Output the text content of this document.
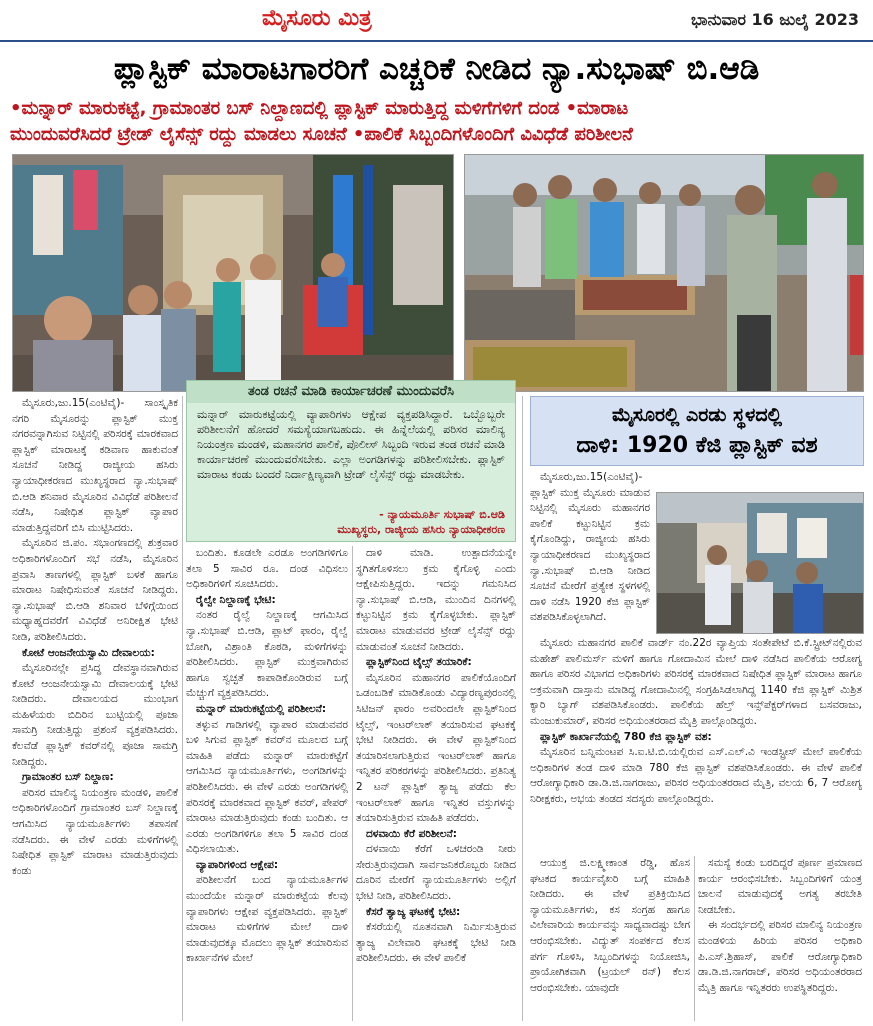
ಮೈಸೂರು ಮಿತ್ರ	ಭಾನುವಾರ 16 ಜುಲೈ 2023
ಪ್ಲಾಸ್ಟಿಕ್ ಮಾರಾಟಗಾರರಿಗೆ ಎಚ್ಚರಿಕೆ ನೀಡಿದ ನ್ಯಾ.ಸುಭಾಷ್ ಬಿ.ಆಡಿ
•ಮನ್ನಾರ್ ಮಾರುಕಟ್ಟೆ, ಗ್ರಾಮಾಂತರ ಬಸ್ ನಿಲ್ದಾಣದಲ್ಲಿ ಪ್ಲಾಸ್ಟಿಕ್ ಮಾರುತ್ತಿದ್ದ ಮಳಿಗೆಗಳಿಗೆ ದಂಡ •ಮಾರಾಟ
ಮುಂದುವರೆಸಿದರೆ ಟ್ರೇಡ್ ಲೈಸೆನ್ಸ್ ರದ್ದು ಮಾಡಲು ಸೂಚನೆ •ಪಾಲಿಕೆ ಸಿಬ್ಬಂದಿಗಳೊಂದಿಗೆ ವಿವಿಧೆಡೆ ಪರಿಶೀಲನೆ

ಮೈಸೂರು,ಜು.15(ಎಂಟಿವೈ)- ಸಾಂಸ್ಕೃತಿಕ ನಗರಿ ಮೈಸೂರನ್ನು ಪ್ಲಾಸ್ಟಿಕ್ ಮುಕ್ತ ನಗರವನ್ನಾಗಿಸುವ ನಿಟ್ಟಿನಲ್ಲಿ ಪರಿಸರಕ್ಕೆ ಮಾರಕವಾದ ಪ್ಲಾಸ್ಟಿಕ್ ಮಾರಾಟಕ್ಕೆ ಕಡಿವಾಣ ಹಾಕುವಂತೆ ಸೂಚನೆ ನೀಡಿದ್ದ ರಾಜ್ಯೀಯ ಹಸಿರು ನ್ಯಾಯಾಧೀಕರಣದ ಮುಖ್ಯಸ್ಥರಾದ ನ್ಯಾ.ಸುಭಾಷ್ ಬಿ.ಆಡಿ ಶನಿವಾರ ಮೈಸೂರಿನ ವಿವಿಧೆಡೆ ಪರಿಶೀಲನೆ ನಡೆಸಿ, ನಿಷೇಧಿತ ಪ್ಲಾಸ್ಟಿಕ್ ವ್ಯಾಪಾರ ಮಾಡುತ್ತಿದ್ದವರಿಗೆ ಬಿಸಿ ಮುಟ್ಟಿಸಿದರು.

ಮೈಸೂರಿನ ಜಿ.ಪಂ. ಸಭಾಂಗಣದಲ್ಲಿ ಶುಕ್ರವಾರ ಅಧಿಕಾರಿಗಳೊಂದಿಗೆ ಸಭೆ ನಡೆಸಿ, ಮೈಸೂರಿನ ಪ್ರವಾಸಿ ತಾಣಗಳಲ್ಲಿ ಪ್ಲಾಸ್ಟಿಕ್ ಬಳಕೆ ಹಾಗೂ ಮಾರಾಟ ನಿಷೇಧಿಸುವಂತೆ ಸೂಚನೆ ನೀಡಿದ್ದರು. ನ್ಯಾ.ಸುಭಾಷ್ ಬಿ.ಆಡಿ ಶನಿವಾರ ಬೆಳಿಗ್ಗೆಯಿಂದ ಮಧ್ಯಾಹ್ನದವರೆಗೆ ವಿವಿಧೆಡೆ ಅನಿರೀಕ್ಷಿತ ಭೇಟಿ ನೀಡಿ, ಪರಿಶೀಲಿಸಿದರು.

ಕೋಟೆ ಆಂಜನೇಯಸ್ವಾಮಿ ದೇವಾಲಯ:

ಮೈಸೂರಿನಲ್ಲೇ ಪ್ರಸಿದ್ಧ ದೇವಸ್ಥಾನವಾಗಿರುವ ಕೋಟೆ ಆಂಜನೇಯಸ್ವಾಮಿ ದೇವಾಲಯಕ್ಕೆ ಭೇಟಿ ನೀಡಿದರು. ದೇವಾಲಯದ ಮುಂಭಾಗ ಮಹಿಳೆಯರು ಬಿದಿರಿನ ಬುಟ್ಟಿಯಲ್ಲಿ ಪೂಜಾ ಸಾಮಗ್ರಿ ನೀಡುತ್ತಿದ್ದು ಪ್ರಶಂಸೆ ವ್ಯಕ್ತಪಡಿಸಿದರು. ಕೆಲವೆಡೆ ಪ್ಲಾಸ್ಟಿಕ್ ಕವರ್‌ನಲ್ಲಿ ಪೂಜಾ ಸಾಮಗ್ರಿ ನೀಡಿದ್ದರು.

ಗ್ರಾಮಾಂತರ ಬಸ್ ನಿಲ್ದಾಣ:

ಪರಿಸರ ಮಾಲಿನ್ಯ ನಿಯಂತ್ರಣ ಮಂಡಳಿ, ಪಾಲಿಕೆ ಅಧಿಕಾರಿಗಳೊಂದಿಗೆ ಗ್ರಾಮಾಂತರ ಬಸ್ ನಿಲ್ದಾಣಕ್ಕೆ ಆಗಮಿಸಿದ ನ್ಯಾಯಮೂರ್ತಿಗಳು ತಪಾಸಣೆ ನಡೆಸಿದರು. ಈ ವೇಳೆ ಎರಡು ಮಳಿಗೆಗಳಲ್ಲಿ ನಿಷೇಧಿತ ಪ್ಲಾಸ್ಟಿಕ್ ಮಾರಾಟ ಮಾಡುತ್ತಿರುವುದು ಕಂಡು

ತಂಡ ರಚನೆ ಮಾಡಿ ಕಾರ್ಯಾಚರಣೆ ಮುಂದುವರೆಸಿ
ಮನ್ನಾರ್ ಮಾರುಕಟ್ಟೆಯಲ್ಲಿ ವ್ಯಾಪಾರಿಗಳು ಆಕ್ಷೇಪ ವ್ಯಕ್ತಪಡಿಸಿದ್ದಾರೆ. ಒಬ್ಬೊಬ್ಬರೇ ಪರಿಶೀಲನೆಗೆ ಹೋದರೆ ಸಮಸ್ಯೆಯಾಗಬಹುದು. ಈ ಹಿನ್ನೆಲೆಯಲ್ಲಿ ಪರಿಸರ ಮಾಲಿನ್ಯ ನಿಯಂತ್ರಣ ಮಂಡಳಿ, ಮಹಾನಗರ ಪಾಲಿಕೆ, ಪೊಲೀಸ್ ಸಿಬ್ಬಂದಿ ಇರುವ ತಂಡ ರಚನೆ ಮಾಡಿ ಕಾರ್ಯಾಚರಣೆ ಮುಂದುವರೆಸಬೇಕು. ಎಲ್ಲಾ ಅಂಗಡಿಗಳನ್ನು ಪರಿಶೀಲಿಸಬೇಕು. ಪ್ಲಾಸ್ಟಿಕ್ ಮಾರಾಟ ಕಂಡು ಬಂದರೆ ನಿರ್ದಾಕ್ಷಿಣ್ಯವಾಗಿ ಟ್ರೇಡ್ ಲೈಸೆನ್ಸ್ ರದ್ದು ಮಾಡಬೇಕು.
- ನ್ಯಾಯಮೂರ್ತಿ ಸುಭಾಷ್ ಬಿ.ಆಡಿ
ಮುಖ್ಯಸ್ಥರು, ರಾಜ್ಯೀಯ ಹಸಿರು ನ್ಯಾಯಾಧೀಕರಣ

ಬಂದಿತು. ಕೂಡಲೇ ಎರಡೂ ಅಂಗಡಿಗಳಿಗೂ ತಲಾ 5 ಸಾವಿರ ರೂ. ದಂಡ ವಿಧಿಸಲು ಅಧಿಕಾರಿಗಳಿಗೆ ಸೂಚಿಸಿದರು.

ರೈಲ್ವೇ ನಿಲ್ದಾಣಕ್ಕೆ ಭೇಟಿ:

ನಂತರ ರೈಲ್ವೆ ನಿಲ್ದಾಣಕ್ಕೆ ಆಗಮಿಸಿದ ನ್ಯಾ.ಸುಭಾಷ್ ಬಿ.ಆಡಿ, ಪ್ಲಾಟ್ ಫಾರಂ, ರೈಲ್ವೆ ಬೋಗಿ, ವಿಶ್ರಾಂತಿ ಕೊಠಡಿ, ಮಳಿಗೆಗಳನ್ನು ಪರಿಶೀಲಿಸಿದರು. ಪ್ಲಾಸ್ಟಿಕ್ ಮುಕ್ತವಾಗಿರುವ ಹಾಗೂ ಸ್ವಚ್ಛತೆ ಕಾಪಾಡಿಕೊಂಡಿರುವ ಬಗ್ಗೆ ಮೆಚ್ಚುಗೆ ವ್ಯಕ್ತಪಡಿಸಿದರು.

ಮನ್ನಾರ್ ಮಾರುಕಟ್ಟೆಯಲ್ಲಿ ಪರಿಶೀಲನೆ:

ತಳ್ಳುವ ಗಾಡಿಗಳಲ್ಲಿ ವ್ಯಾಪಾರ ಮಾಡುವವರ ಬಳಿ ಸಿಗುವ ಪ್ಲಾಸ್ಟಿಕ್ ಕವರ್‌ನ ಮೂಲದ ಬಗ್ಗೆ ಮಾಹಿತಿ ಪಡೆದು ಮನ್ನಾರ್ ಮಾರುಕಟ್ಟೆಗೆ ಆಗಮಿಸಿದ ನ್ಯಾಯಮೂರ್ತಿಗಳು, ಅಂಗಡಿಗಳನ್ನು ಪರಿಶೀಲಿಸಿದರು. ಈ ವೇಳೆ ಎರಡು ಅಂಗಡಿಗಳಲ್ಲಿ ಪರಿಸರಕ್ಕೆ ಮಾರಕವಾದ ಪ್ಲಾಸ್ಟಿಕ್ ಕವರ್, ಪೇಪರ್ ಮಾರಾಟ ಮಾಡುತ್ತಿರುವುದು ಕಂಡು ಬಂದಿತು. ಆ ಎರಡು ಅಂಗಡಿಗಳಿಗೂ ತಲಾ 5 ಸಾವಿರ ದಂಡ ವಿಧಿಸಲಾಯಿತು.

ವ್ಯಾಪಾರಿಗಳಿಂದ ಆಕ್ಷೇಪ:

ಪರಿಶೀಲನೆಗೆ ಬಂದ ನ್ಯಾಯಮೂರ್ತಿಗಳ ಮುಂದೆಯೇ ಮನ್ನಾರ್ ಮಾರುಕಟ್ಟೆಯ ಕೆಲವು ವ್ಯಾಪಾರಿಗಳು ಆಕ್ಷೇಪ ವ್ಯಕ್ತಪಡಿಸಿದರು. ಪ್ಲಾಸ್ಟಿಕ್ ಮಾರಾಟ ಮಳಿಗೆಗಳ ಮೇಲೆ ದಾಳಿ ಮಾಡುವುದಕ್ಕೂ ಮೊದಲು ಪ್ಲಾಸ್ಟಿಕ್ ತಯಾರಿಸುವ ಕಾರ್ಖಾನೆಗಳ ಮೇಲೆ

ದಾಳಿ ಮಾಡಿ. ಉತ್ಪಾದನೆಯನ್ನೇ ಸ್ಥಗಿತಗೊಳಿಸಲು ಕ್ರಮ ಕೈಗೊಳ್ಳಿ ಎಂದು ಆಕ್ಷೇಪಿಸುತ್ತಿದ್ದರು. ಇದನ್ನು ಗಮನಿಸಿದ ನ್ಯಾ.ಸುಭಾಷ್ ಬಿ.ಆಡಿ, ಮುಂದಿನ ದಿನಗಳಲ್ಲಿ ಕಟ್ಟುನಿಟ್ಟಿನ ಕ್ರಮ ಕೈಗೊಳ್ಳಬೇಕು. ಪ್ಲಾಸ್ಟಿಕ್ ಮಾರಾಟ ಮಾಡುವವರ ಟ್ರೇಡ್ ಲೈಸೆನ್ಸ್ ರದ್ದು ಮಾಡುವಂತೆ ಸೂಚನೆ ನೀಡಿದರು.

ಪ್ಲಾಸ್ಟಿಕ್‌ನಿಂದ ಟೈಲ್ಸ್ ತಯಾರಿಕೆ:

ಮೈಸೂರಿನ ಮಹಾನಗರ ಪಾಲಿಕೆಯೊಂದಿಗೆ ಒಡಂಬಡಿಕೆ ಮಾಡಿಕೊಂಡು ವಿದ್ಯಾರಣ್ಯಪುರಂನಲ್ಲಿ ಸಿಟಿಜನ್ ಫಾರಂ ಅವರಿಂದಲೇ ಪ್ಲಾಸ್ಟಿಕ್‌ನಿಂದ ಟೈಲ್ಸ್, ಇಂಟರ್‌ಲಾಕ್ ತಯಾರಿಸುವ ಘಟಕಕ್ಕೆ ಭೇಟಿ ನೀಡಿದರು. ಈ ವೇಳೆ ಪ್ಲಾಸ್ಟಿಕ್‌ನಿಂದ ತಯಾರಿಸಲಾಗುತ್ತಿರುವ ಇಂಟರ್‌ಲಾಕ್ ಹಾಗೂ ಇನ್ನಿತರ ಪರಿಕರಗಳನ್ನು ಪರಿಶೀಲಿಸಿದರು. ಪ್ರತಿನಿತ್ಯ 2 ಟನ್ ಪ್ಲಾಸ್ಟಿಕ್ ತ್ಯಾಜ್ಯ ಪಡೆದು ಕೆಲ ಇಂಟರ್‌ಲಾಕ್ ಹಾಗೂ ಇನ್ನಿತರ ವಸ್ತುಗಳನ್ನು ತಯಾರಿಸುತ್ತಿರುವ ಮಾಹಿತಿ ಪಡೆದರು.

ದಳವಾಯಿ ಕೆರೆ ಪರಿಶೀಲನೆ:

ದಳವಾಯಿ ಕೆರೆಗೆ ಒಳಚರಂಡಿ ನೀರು ಸೇರುತ್ತಿರುವುದಾಗಿ ಸಾರ್ವಜನಿಕರೊಬ್ಬರು ನೀಡಿದ ದೂರಿನ ಮೇರೆಗೆ ನ್ಯಾಯಮೂರ್ತಿಗಳು ಅಲ್ಲಿಗೆ ಭೇಟಿ ನೀಡಿ, ಪರಿಶೀಲಿಸಿದರು.

ಕೆಸರೆ ತ್ಯಾಜ್ಯ ಘಟಕಕ್ಕೆ ಭೇಟಿ:

ಕೆಸರೆಯಲ್ಲಿ ನೂತನವಾಗಿ ನಿರ್ಮಿಸುತ್ತಿರುವ ತ್ಯಾಜ್ಯ ವಿಲೇವಾರಿ ಘಟಕಕ್ಕೆ ಭೇಟಿ ನೀಡಿ ಪರಿಶೀಲಿಸಿದರು. ಈ ವೇಳೆ ಪಾಲಿಕೆ

ಮೈಸೂರಲ್ಲಿ ಎರಡು ಸ್ಥಳದಲ್ಲಿ
ದಾಳಿ: 1920 ಕೆಜಿ ಪ್ಲಾಸ್ಟಿಕ್ ವಶ

ಮೈಸೂರು,ಜು.15(ಎಂಟಿವೈ)- ಪ್ಲಾಸ್ಟಿಕ್ ಮುಕ್ತ ಮೈಸೂರು ಮಾಡುವ ನಿಟ್ಟಿನಲ್ಲಿ ಮೈಸೂರು ಮಹಾನಗರ ಪಾಲಿಕೆ ಕಟ್ಟುನಿಟ್ಟಿನ ಕ್ರಮ ಕೈಗೊಂಡಿದ್ದು, ರಾಜ್ಯೀಯ ಹಸಿರು ನ್ಯಾಯಾಧೀಕರಣದ ಮುಖ್ಯಸ್ಥರಾದ ನ್ಯಾ.ಸುಭಾಷ್ ಬಿ.ಆಡಿ ನೀಡಿದ ಸೂಚನೆ ಮೇರೆಗೆ ಪ್ರತ್ಯೇಕ ಸ್ಥಳಗಳಲ್ಲಿ ದಾಳಿ ನಡೆಸಿ 1920 ಕೆಜಿ ಪ್ಲಾಸ್ಟಿಕ್ ವಶಪಡಿಸಿಕೊಳ್ಳಲಾಗಿದೆ.

ಮೈಸೂರು ಮಹಾನಗರ ಪಾಲಿಕೆ ವಾರ್ಡ್ ನಂ.22ರ ವ್ಯಾಪ್ತಿಯ ಸಂತೇಪೇಟೆ ಬಿ.ಕೆ.ಸ್ಟ್ರೀಟ್‌ನಲ್ಲಿರುವ ಮಹೇಶ್ ಪಾಲಿಮರ್ಸ್ ಮಳಿಗೆ ಹಾಗೂ ಗೋದಾಮಿನ ಮೇಲೆ ದಾಳಿ ನಡೆಸಿದ ಪಾಲಿಕೆಯ ಆರೋಗ್ಯ ಹಾಗೂ ಪರಿಸರ ವಿಭಾಗದ ಅಧಿಕಾರಿಗಳು ಪರಿಸರಕ್ಕೆ ಮಾರಕವಾದ ನಿಷೇಧಿತ ಪ್ಲಾಸ್ಟಿಕ್ ಮಾರಾಟ ಹಾಗೂ ಅಕ್ರಮವಾಗಿ ದಾಸ್ತಾನು ಮಾಡಿದ್ದ ಗೋದಾಮಿನಲ್ಲಿ ಸಂಗ್ರಹಿಸಿಡಲಾಗಿದ್ದ 1140 ಕೆಜಿ ಪ್ಲಾಸ್ಟಿಕ್ ಮಿಶ್ರಿತ ಕ್ಯಾರಿ ಬ್ಯಾಗ್ ವಶಪಡಿಸಿಕೊಂಡರು. ಪಾಲಿಕೆಯ ಹೆಲ್ತ್ ಇನ್ಸ್‌ಪೆಕ್ಟರ್‌ಗಳಾದ ಬಸವರಾಜು, ಮಂಜುಕುಮಾರ್, ಪರಿಸರ ಅಧಿಯಂತರರಾದ ಮೈತ್ರಿ ಪಾಲ್ಗೊಂಡಿದ್ದರು.

ಪ್ಲಾಸ್ಟಿಕ್ ಕಾರ್ಖಾನೆಯಲ್ಲಿ 780 ಕೆಜಿ ಪ್ಲಾಸ್ಟಿಕ್ ವಶ:

ಮೈಸೂರಿನ ಬನ್ನಿಮಂಟಪ ಸಿ.ಐ.ಟಿ.ಬಿ.ಯಲ್ಲಿರುವ ಎಸ್.ಎಲ್.ವಿ ಇಂಡಸ್ಟ್ರೀಸ್ ಮೇಲೆ ಪಾಲಿಕೆಯ ಅಧಿಕಾರಿಗಳ ತಂಡ ದಾಳಿ ಮಾಡಿ 780 ಕೆಜಿ ಪ್ಲಾಸ್ಟಿಕ್ ವಶಪಡಿಸಿಕೊಂಡರು. ಈ ವೇಳೆ ಪಾಲಿಕೆ ಆರೋಗ್ಯಾಧಿಕಾರಿ ಡಾ.ಡಿ.ಜಿ.ನಾಗರಾಜು, ಪರಿಸರ ಅಧಿಯಂತರರಾದ ಮೈತ್ರಿ, ವಲಯ 6, 7 ಆರೋಗ್ಯ ನಿರೀಕ್ಷಕರು, ಅಭಯ ತಂಡದ ಸದಸ್ಯರು ಪಾಲ್ಗೊಂಡಿದ್ದರು.

ಆಯುಕ್ತ ಜಿ.ಲಕ್ಷ್ಮೀಕಾಂತ ರೆಡ್ಡಿ, ಹೊಸ ಘಟಕದ ಕಾರ್ಯವೈಖರಿ ಬಗ್ಗೆ ಮಾಹಿತಿ ನೀಡಿದರು. ಈ ವೇಳೆ ಪ್ರತಿಕ್ರಿಯಿಸಿದ ನ್ಯಾಯಮೂರ್ತಿಗಳು, ಕಸ ಸಂಗ್ರಹ ಹಾಗೂ ವಿಲೇವಾರಿಯ ಕಾರ್ಯವನ್ನು ಸಾಧ್ಯವಾದಷ್ಟು ಬೇಗ ಆರಂಭಿಸಬೇಕು. ವಿದ್ಯುತ್ ಸಂಪರ್ಕದ ಕೆಲಸ ಪರ್ಗ ಗೊಳಿಸಿ, ಸಿಬ್ಬಂದಿಗಳನ್ನು ನಿಯೋಜಿಸಿ, ಪ್ರಾಯೋಗಿಕವಾಗಿ (ಟ್ರಯಲ್ ರನ್) ಕೆಲಸ ಆರಂಭಿಸಬೇಕು. ಯಾವುದೇ

ಸಮಸ್ಯೆ ಕಂಡು ಬರದಿದ್ದರೆ ಪೂರ್ಣ ಪ್ರಮಾಣದ ಕಾರ್ಯ ಆರಂಭಿಸಬೇಕು. ಸಿಬ್ಬಂದಿಗಳಿಗೆ ಯಂತ್ರ ಚಾಲನೆ ಮಾಡುವುದಕ್ಕೆ ಅಗತ್ಯ ತರಬೇತಿ ನೀಡಬೇಕು.

ಈ ಸಂದರ್ಭದಲ್ಲಿ ಪರಿಸರ ಮಾಲಿನ್ಯ ನಿಯಂತ್ರಣ ಮಂಡಳಿಯ ಹಿರಿಯ ಪರಿಸರ ಅಧಿಕಾರಿ ಪಿ.ಎಸ್.ಶ್ರಿಹಾಸ್, ಪಾಲಿಕೆ ಆರೋಗ್ಯಾಧಿಕಾರಿ ಡಾ.ಡಿ.ಜಿ.ನಾಗರಾಜ್, ಪರಿಸರ ಅಧಿಯಂತರರಾದ ಮೈತ್ರಿ ಹಾಗೂ ಇನ್ನಿತರರು ಉಪಸ್ಥಿತರಿದ್ದರು.
